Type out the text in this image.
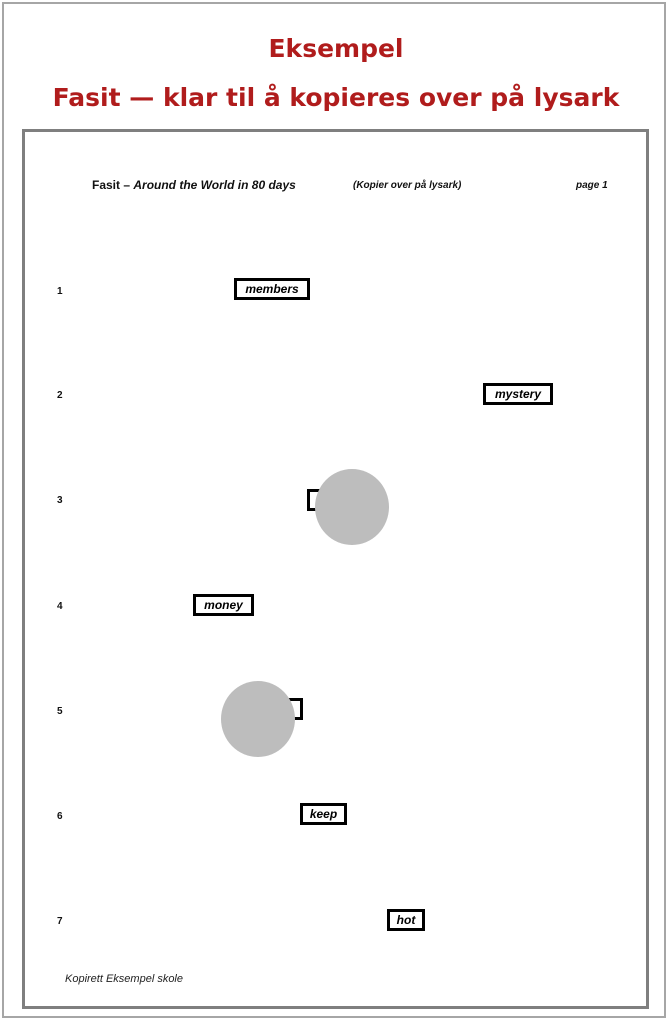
Eksempel
Fasit — klar til å kopieres over på lysark
Fasit – Around the World in 80 days	(Kopier over på lysark)	page 1
1	members
2	mystery
3
4	money
5
6	keep
7	hot
Kopirett Eksempel skole
